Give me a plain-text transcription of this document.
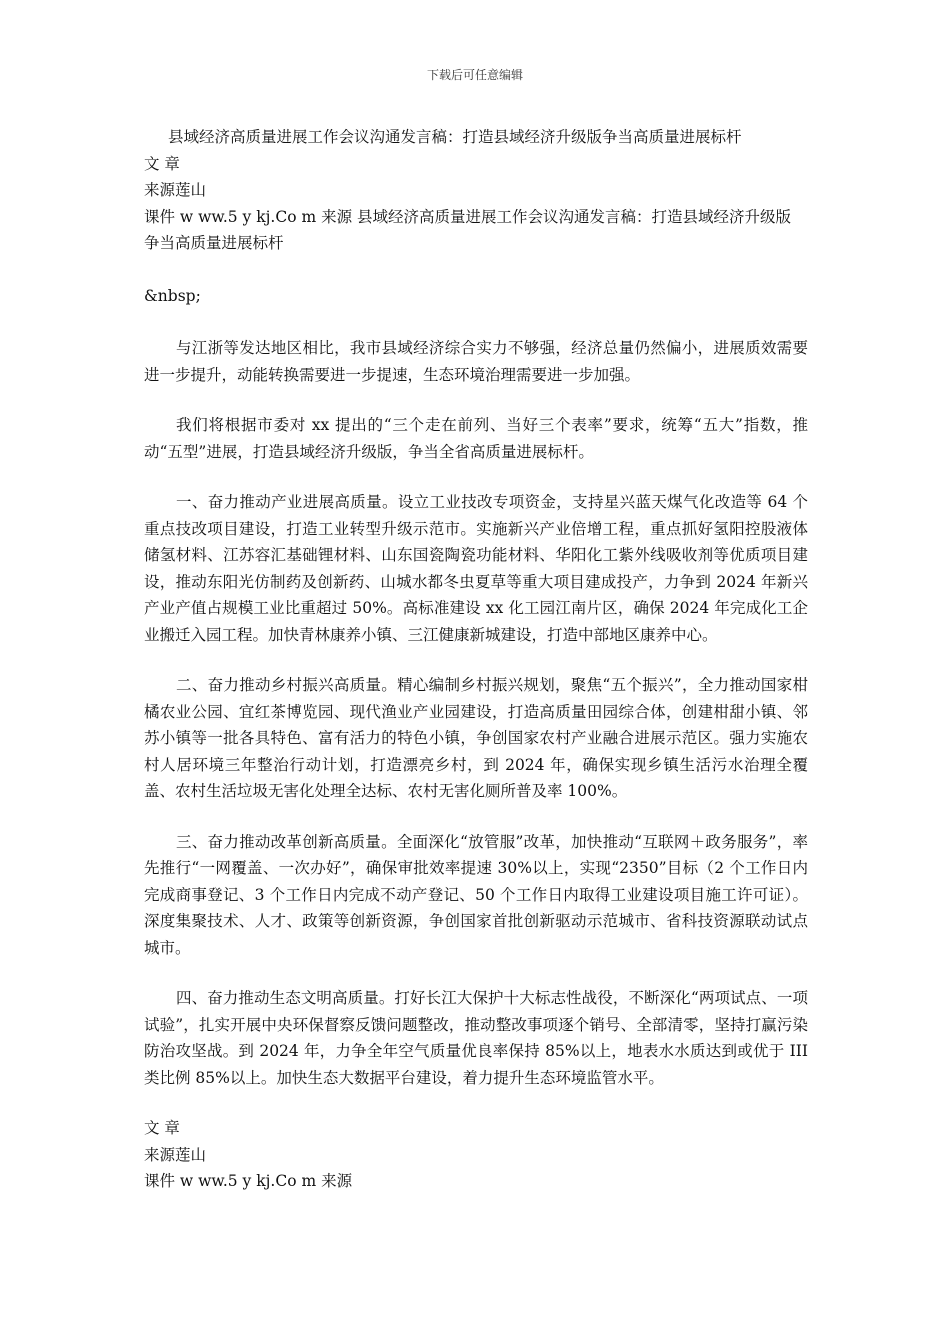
下载后可任意编辑

县域经济高质量进展工作会议沟通发言稿：打造县域经济升级版争当高质量进展标杆

文 章

来源莲山

课件 w ww.5 y kj.Co m 来源 县域经济高质量进展工作会议沟通发言稿：打造县域经济升级版 争当高质量进展标杆

&nbsp;

与江浙等发达地区相比，我市县域经济综合实力不够强，经济总量仍然偏小，进展质效需要进一步提升，动能转换需要进一步提速，生态环境治理需要进一步加强。

我们将根据市委对 xx 提出的“三个走在前列、当好三个表率”要求，统筹“五大”指数，推动“五型”进展，打造县域经济升级版，争当全省高质量进展标杆。

一、奋力推动产业进展高质量。设立工业技改专项资金，支持星兴蓝天煤气化改造等 64 个重点技改项目建设，打造工业转型升级示范市。实施新兴产业倍增工程，重点抓好氢阳控股液体储氢材料、江苏容汇基础锂材料、山东国瓷陶瓷功能材料、华阳化工紫外线吸收剂等优质项目建设，推动东阳光仿制药及创新药、山城水都冬虫夏草等重大项目建成投产，力争到 2024 年新兴产业产值占规模工业比重超过 50%。高标准建设 xx 化工园江南片区，确保 2024 年完成化工企业搬迁入园工程。加快青林康养小镇、三江健康新城建设，打造中部地区康养中心。

二、奋力推动乡村振兴高质量。精心编制乡村振兴规划，聚焦“五个振兴”，全力推动国家柑橘农业公园、宜红茶博览园、现代渔业产业园建设，打造高质量田园综合体，创建柑甜小镇、邻苏小镇等一批各具特色、富有活力的特色小镇，争创国家农村产业融合进展示范区。强力实施农村人居环境三年整治行动计划，打造漂亮乡村，到 2024 年，确保实现乡镇生活污水治理全覆盖、农村生活垃圾无害化处理全达标、农村无害化厕所普及率 100%。

三、奋力推动改革创新高质量。全面深化“放管服”改革，加快推动“互联网＋政务服务”，率先推行“一网覆盖、一次办好”，确保审批效率提速 30%以上，实现“2350”目标（2 个工作日内完成商事登记、3 个工作日内完成不动产登记、50 个工作日内取得工业建设项目施工许可证）。深度集聚技术、人才、政策等创新资源，争创国家首批创新驱动示范城市、省科技资源联动试点城市。

四、奋力推动生态文明高质量。打好长江大保护十大标志性战役，不断深化“两项试点、一项试验”，扎实开展中央环保督察反馈问题整改，推动整改事项逐个销号、全部清零，坚持打赢污染防治攻坚战。到 2024 年，力争全年空气质量优良率保持 85%以上，地表水水质达到或优于 III 类比例 85%以上。加快生态大数据平台建设，着力提升生态环境监管水平。

文 章

来源莲山

课件 w ww.5 y kj.Co m 来源
